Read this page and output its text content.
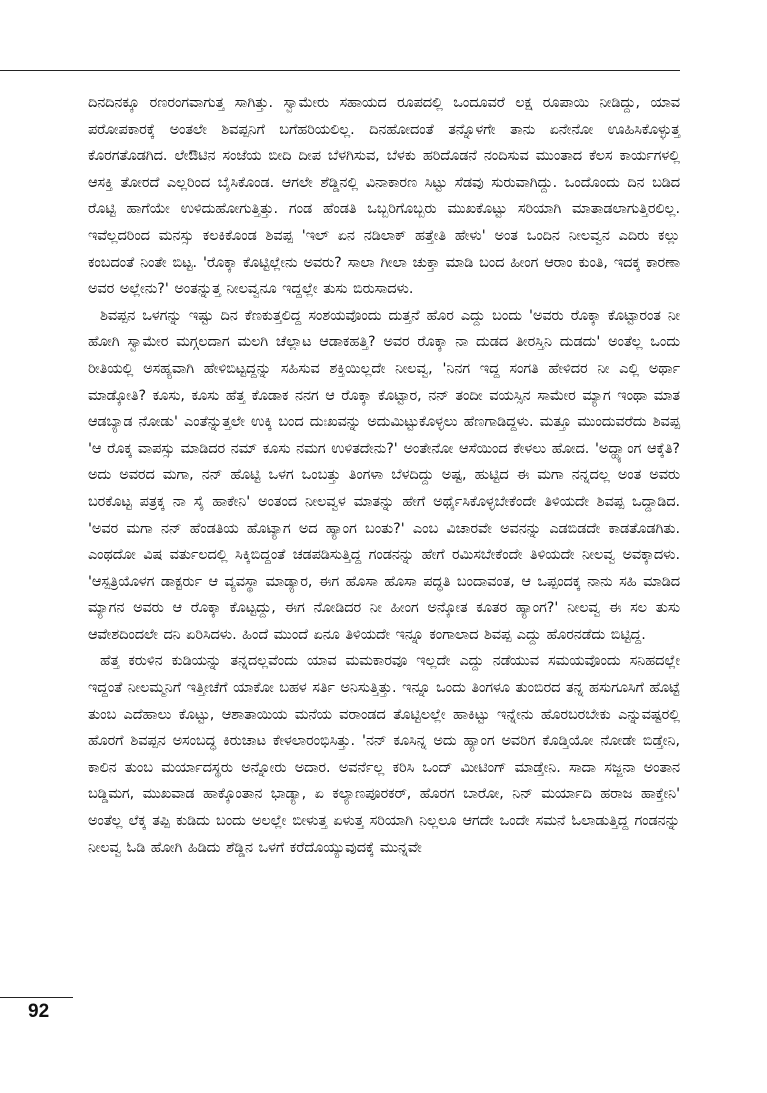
ದಿನದಿನಕ್ಕೂ ರಣರಂಗವಾಗುತ್ತ ಸಾಗಿತ್ತು. ಸ್ವಾಮೇರು ಸಹಾಯದ ರೂಪದಲ್ಲಿ ಒಂದೂವರೆ ಲಕ್ಷ ರೂಪಾಯಿ ನೀಡಿದ್ದು, ಯಾವ ಪರೋಪಕಾರಕ್ಕೆ ಅಂತಲೇ ಶಿವಪ್ಪನಿಗೆ ಬಗೆಹರಿಯಲಿಲ್ಲ. ದಿನಹೋದಂತೆ ತನ್ನೊಳಗೇ ತಾನು ಏನೇನೋ ಊಹಿಸಿಕೊಳ್ಳುತ್ತ ಕೊರಗತೊಡಗಿದ. ಲೇಔಟಿನ ಸಂಜೆಯ ಬೀದಿ ದೀಪ ಬೆಳಗಿಸುವ, ಬೆಳಕು ಹರಿದೊಡನೆ ನಂದಿಸುವ ಮುಂತಾದ ಕೆಲಸ ಕಾರ್ಯಗಳಲ್ಲಿ ಆಸಕ್ತಿ ತೋರದೆ ಎಲ್ಲರಿಂದ ಬೈಸಿಕೊಂಡ. ಆಗಲೇ ಶೆಡ್ಡಿನಲ್ಲಿ ವಿನಾಕಾರಣ ಸಿಟ್ಟು ಸೆಡವು ಸುರುವಾಗಿದ್ದು. ಒಂದೊಂದು ದಿನ ಬಡಿದ ರೊಟ್ಟಿ ಹಾಗೆಯೇ ಉಳಿದುಹೋಗುತ್ತಿತ್ತು. ಗಂಡ ಹೆಂಡತಿ ಒಬ್ಬರಿಗೊಬ್ಬರು ಮುಖಕೊಟ್ಟು ಸರಿಯಾಗಿ ಮಾತಾಡಲಾಗುತ್ತಿರಲಿಲ್ಲ. ಇವೆಲ್ಲದರಿಂದ ಮನಸ್ಸು ಕಲಕಿಕೊಂಡ ಶಿವಪ್ಪ 'ಇಲ್ ಏನ ನಡಿಲಾಕ್ ಹತ್ತೇತಿ ಹೇಳು' ಅಂತ ಒಂದಿನ ನೀಲವ್ವನ ಎದಿರು ಕಲ್ಲು ಕಂಬದಂತೆ ನಿಂತೇ ಬಿಟ್ಟ. 'ರೊಕ್ಕಾ ಕೊಟ್ಟಿಲ್ಲೇನು ಅವರು? ಸಾಲಾ ಗೀಲಾ ಚುಕ್ತಾ ಮಾಡಿ ಬಂದ ಹೀಂಗ ಆರಾಂ ಕುಂತಿ, ಇದಕ್ಕ ಕಾರಣಾ ಅವರ ಅಲ್ಲೇನು?' ಅಂತನ್ನುತ್ತ ನೀಲವ್ವನೂ ಇದ್ದಲ್ಲೇ ತುಸು ಬಿರುಸಾದಳು.

ಶಿವಪ್ಪನ ಒಳಗನ್ನು ಇಷ್ಟು ದಿನ ಕೆಣಕುತ್ತಲಿದ್ದ ಸಂಶಯವೊಂದು ದುತ್ತನೆ ಹೊರ ಎದ್ದು ಬಂದು 'ಅವರು ರೊಕ್ಕಾ ಕೊಟ್ಟಾರಂತ ನೀ ಹೋಗಿ ಸ್ವಾಮೇರ ಮಗ್ಗಲದಾಗ ಮಲಗಿ ಚೆಲ್ಲಾಟ ಆಡಾಕಹತ್ತಿ? ಅವರ ರೊಕ್ಕಾ ನಾ ದುಡದ ತೀರಸ್ತಿನಿ ದುಡದು' ಅಂತೆಲ್ಲ ಒಂದು ರೀತಿಯಲ್ಲಿ ಅಸಹ್ಯವಾಗಿ ಹೇಳಿಬಿಟ್ಟದ್ದನ್ನು ಸಹಿಸುವ ಶಕ್ತಿಯಿಲ್ಲದೇ ನೀಲವ್ವ, 'ನಿನಗ ಇದ್ದ ಸಂಗತಿ ಹೇಳಿದರ ನೀ ಎಲ್ಲಿ ಅರ್ಥಾ ಮಾಡ್ಕೋತಿ? ಕೂಸು, ಕೂಸು ಹೆತ್ತ ಕೊಡಾಕ ನನಗ ಆ ರೊಕ್ಕಾ ಕೊಟ್ಟಾರ, ನನ್ ತಂದೀ ವಯಸ್ಸಿನ ಸಾಮೇರ ಮ್ಯಾಗ ಇಂಥಾ ಮಾತ ಆಡಬ್ಯಾಡ ನೋಡು' ಎಂತೆನ್ನುತ್ತಲೇ ಉಕ್ಕಿ ಬಂದ ದುಃಖವನ್ನು ಅದುಮಿಟ್ಟುಕೊಳ್ಳಲು ಹೆಣಗಾಡಿದ್ದಳು. ಮತ್ತೂ ಮುಂದುವರೆದು ಶಿವಪ್ಪ 'ಆ ರೊಕ್ಕ ವಾಪಸ್ಸು ಮಾಡಿದರ ನಮ್ ಕೂಸು ನಮಗ ಉಳಿತದೇನು?' ಅಂತೇನೋ ಆಸೆಯಿಂದ ಕೇಳಲು ಹೋದ. 'ಅದ್ಹ್ಯಾಂಗ ಆಕ್ಕೆತಿ? ಅದು ಅವರದ ಮಗಾ, ನನ್ ಹೊಟ್ಟಿ ಒಳಗ ಒಂಬತ್ತು ತಿಂಗಳಾ ಬೆಳದಿದ್ದು ಅಷ್ಟ, ಹುಟ್ಟಿದ ಈ ಮಗಾ ನನ್ನದಲ್ಲ ಅಂತ ಅವರು ಬರಕೊಟ್ಟ ಪತ್ರಕ್ಕ ನಾ ಸೈ ಹಾಕೇನಿ' ಅಂತಂದ ನೀಲವ್ವಳ ಮಾತನ್ನು ಹೇಗೆ ಅರ್ಥೈಸಿಕೊಳ್ಳಬೇಕೆಂದೇ ತಿಳಿಯದೇ ಶಿವಪ್ಪ ಒದ್ದಾಡಿದ. 'ಅವರ ಮಗಾ ನನ್ ಹೆಂಡತಿಯ ಹೊಟ್ಯಾಗ ಅದ ಹ್ಯಾಂಗ ಬಂತು?' ಎಂಬ ವಿಚಾರವೇ ಅವನನ್ನು ಎಡಬಿಡದೇ ಕಾಡತೊಡಗಿತು. ಎಂಥದೋ ವಿಷ ವರ್ತುಲದಲ್ಲಿ ಸಿಕ್ಕಿಬಿದ್ದಂತೆ ಚಡಪಡಿಸುತ್ತಿದ್ದ ಗಂಡನನ್ನು ಹೇಗೆ ರಮಿಸಬೇಕೆಂದೇ ತಿಳಿಯದೇ ನೀಲವ್ವ ಅವಕ್ಕಾದಳು. 'ಆಸ್ಪತ್ರಿಯೊಳಗ ಡಾಕ್ಟರ್ರು ಆ ವ್ಯವಸ್ಥಾ ಮಾಡ್ಯಾರ, ಈಗ ಹೊಸಾ ಹೊಸಾ ಪದ್ಧತಿ ಬಂದಾವಂತ, ಆ ಒಪ್ಪಂದಕ್ಕ ನಾನು ಸಹಿ ಮಾಡಿದ ಮ್ಯಾಗನ ಅವರು ಆ ರೊಕ್ಕಾ ಕೊಟ್ಟದ್ದು, ಈಗ ನೋಡಿದರ ನೀ ಹೀಂಗ ಅನ್ಕೋತ ಕೂತರ ಹ್ಯಾಂಗ?' ನೀಲವ್ವ ಈ ಸಲ ತುಸು ಆವೇಶದಿಂದಲೇ ದನಿ ಏರಿಸಿದಳು. ಹಿಂದೆ ಮುಂದೆ ಏನೂ ತಿಳಿಯದೇ ಇನ್ನೂ ಕಂಗಾಲಾದ ಶಿವಪ್ಪ ಎದ್ದು ಹೊರನಡೆದು ಬಿಟ್ಟಿದ್ದ.

ಹೆತ್ತ ಕರುಳಿನ ಕುಡಿಯನ್ನು ತನ್ನದಲ್ಲವೆಂದು ಯಾವ ಮಮಕಾರವೂ ಇಲ್ಲದೇ ಎದ್ದು ನಡೆಯುವ ಸಮಯವೊಂದು ಸನಿಹದಲ್ಲೇ ಇದ್ದಂತೆ ನೀಲಮ್ಮನಿಗೆ ಇತ್ತೀಚೆಗೆ ಯಾಕೋ ಬಹಳ ಸರ್ತಿ ಅನಿಸುತ್ತಿತ್ತು. ಇನ್ನೂ ಒಂದು ತಿಂಗಳೂ ತುಂಬಿರದ ತನ್ನ ಹಸುಗೂಸಿಗೆ ಹೊಟ್ಟೆ ತುಂಬ ಎದೆಹಾಲು ಕೊಟ್ಟು, ಆಶಾತಾಯಿಯ ಮನೆಯ ವರಾಂಡದ ತೊಟ್ಟಿಲಲ್ಲೇ ಹಾಕಿಟ್ಟು ಇನ್ನೇನು ಹೊರಬರಬೇಕು ಎನ್ನುವಷ್ಟರಲ್ಲಿ ಹೊರಗೆ ಶಿವಪ್ಪನ ಅಸಂಬದ್ಧ ಕಿರುಚಾಟ ಕೇಳಲಾರಂಭಿಸಿತ್ತು. 'ನನ್ ಕೂಸಿನ್ನ ಅದು ಹ್ಯಾಂಗ ಅವರಿಗ ಕೊಡ್ತಿಯೋ ನೋಡೇ ಬಿಡ್ತೇನಿ, ಕಾಲಿನ ತುಂಬ ಮರ್ಯಾದಸ್ಥರು ಅನ್ನೋರು ಅದಾರ. ಅವರ್ನೆಲ್ಲ ಕರಿಸಿ ಒಂದ್ ಮೀಟಿಂಗ್ ಮಾಡ್ತೇನಿ. ಸಾದಾ ಸಜ್ಜನಾ ಅಂತಾನ ಬಡ್ಡಿಮಗ, ಮುಖವಾಡ ಹಾಕ್ಕೊಂತಾನ ಭಾಡ್ಯಾ, ಏ ಕಲ್ಯಾಣಪೂರಕರ್, ಹೊರಗ ಬಾರೋ, ನಿನ್ ಮರ್ಯಾದಿ ಹರಾಜ ಹಾಕ್ತೇನಿ' ಅಂತೆಲ್ಲ ಲೆಕ್ಕ ತಪ್ಪಿ ಕುಡಿದು ಬಂದು ಅಲಲ್ಲೇ ಬೀಳುತ್ತ ಏಳುತ್ತ ಸರಿಯಾಗಿ ನಿಲ್ಲಲೂ ಆಗದೇ ಒಂದೇ ಸಮನೆ ಓಲಾಡುತ್ತಿದ್ದ ಗಂಡನನ್ನು ನೀಲವ್ವ ಓಡಿ ಹೋಗಿ ಹಿಡಿದು ಶೆಡ್ಡಿನ ಒಳಗೆ ಕರೆದೊಯ್ಯುವುದಕ್ಕೆ ಮುನ್ನವೇ

92
